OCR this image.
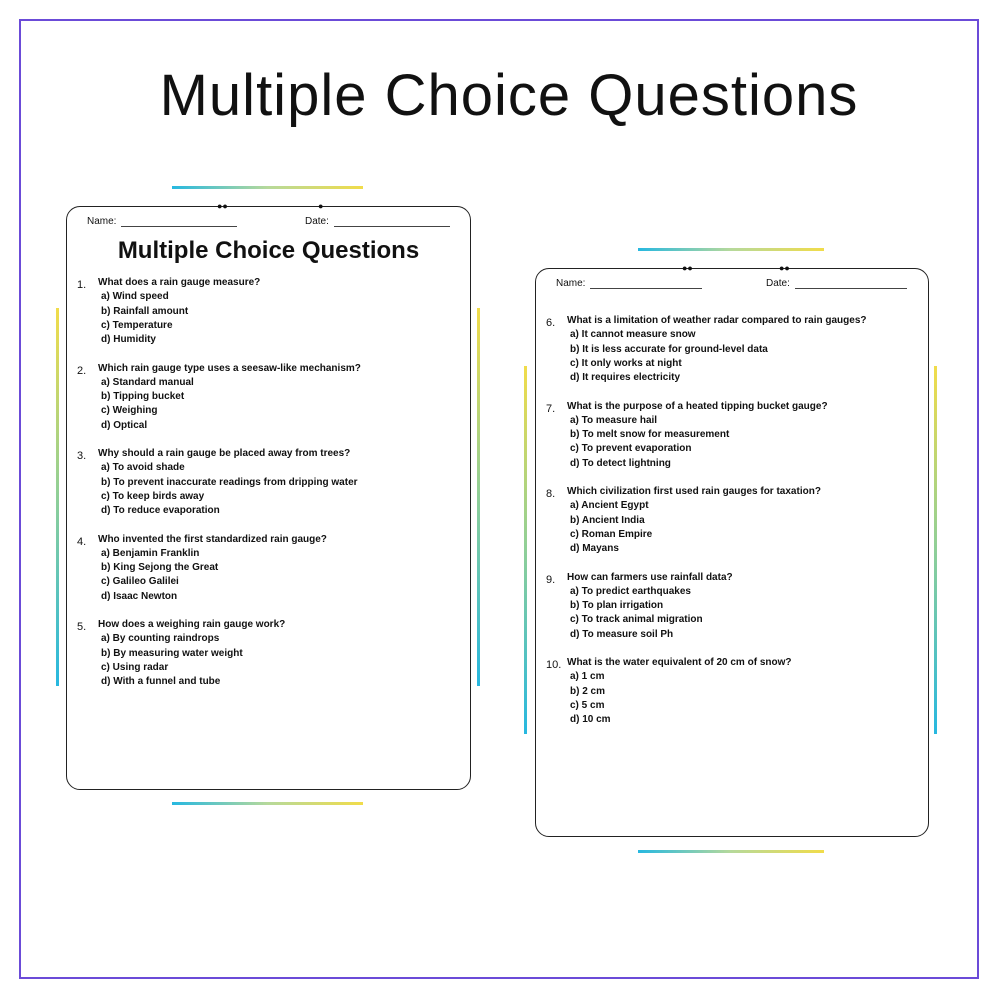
Multiple Choice Questions
●●	●
Name:	Date:
Multiple Choice Questions
1. What does a rain gauge measure?
a) Wind speed
b) Rainfall amount
c) Temperature
d) Humidity
2. Which rain gauge type uses a seesaw-like mechanism?
a) Standard manual
b) Tipping bucket
c) Weighing
d) Optical
3. Why should a rain gauge be placed away from trees?
a) To avoid shade
b) To prevent inaccurate readings from dripping water
c) To keep birds away
d) To reduce evaporation
4. Who invented the first standardized rain gauge?
a) Benjamin Franklin
b) King Sejong the Great
c) Galileo Galilei
d) Isaac Newton
5. How does a weighing rain gauge work?
a) By counting raindrops
b) By measuring water weight
c) Using radar
d) With a funnel and tube
●●	●●
Name:	Date:
6. What is a limitation of weather radar compared to rain gauges?
a) It cannot measure snow
b) It is less accurate for ground-level data
c) It only works at night
d) It requires electricity
7. What is the purpose of a heated tipping bucket gauge?
a) To measure hail
b) To melt snow for measurement
c) To prevent evaporation
d) To detect lightning
8. Which civilization first used rain gauges for taxation?
a) Ancient Egypt
b) Ancient India
c) Roman Empire
d) Mayans
9. How can farmers use rainfall data?
a) To predict earthquakes
b) To plan irrigation
c) To track animal migration
d) To measure soil Ph
10. What is the water equivalent of 20 cm of snow?
a) 1 cm
b) 2 cm
c) 5 cm
d) 10 cm
